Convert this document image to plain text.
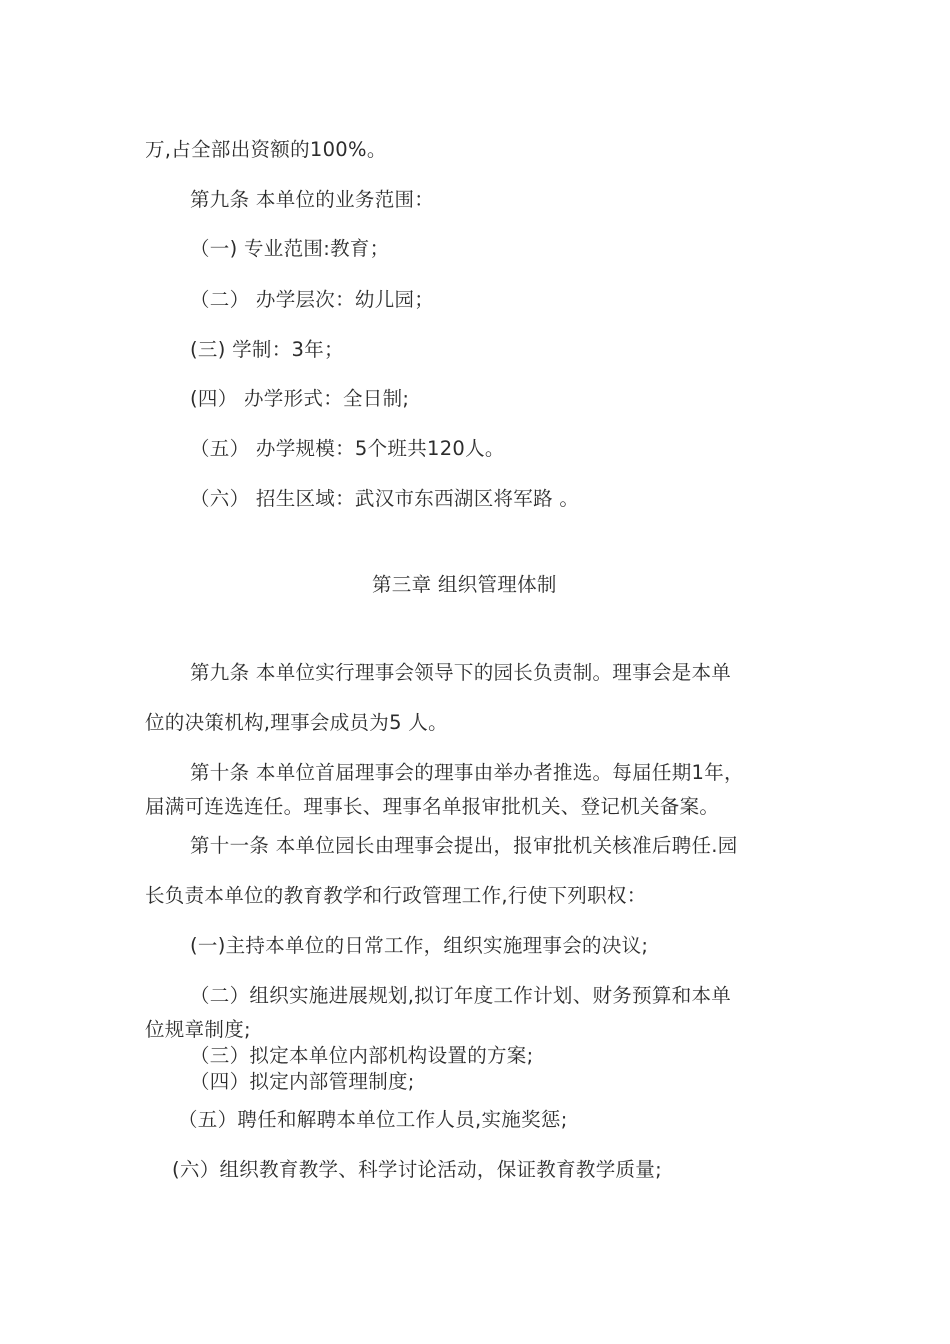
万,占全部出资额的100%。
第九条 本单位的业务范围：
（一) 专业范围:教育；
（二） 办学层次：幼儿园；
(三) 学制：3年；
(四） 办学形式：全日制;
（五） 办学规模：5个班共120人。
（六） 招生区域：武汉市东西湖区将军路 。
第三章 组织管理体制
第九条 本单位实行理事会领导下的园长负责制。理事会是本单
位的决策机构,理事会成员为5 人。
第十条 本单位首届理事会的理事由举办者推选。每届任期1年，
届满可连选连任。理事长、理事名单报审批机关、登记机关备案。
第十一条 本单位园长由理事会提出，报审批机关核准后聘任.园
长负责本单位的教育教学和行政管理工作,行使下列职权：
(一)主持本单位的日常工作，组织实施理事会的决议;
（二）组织实施进展规划,拟订年度工作计划、财务预算和本单
位规章制度;
（三）拟定本单位内部机构设置的方案;
（四）拟定内部管理制度;
（五）聘任和解聘本单位工作人员,实施奖惩;
(六）组织教育教学、科学讨论活动，保证教育教学质量;
